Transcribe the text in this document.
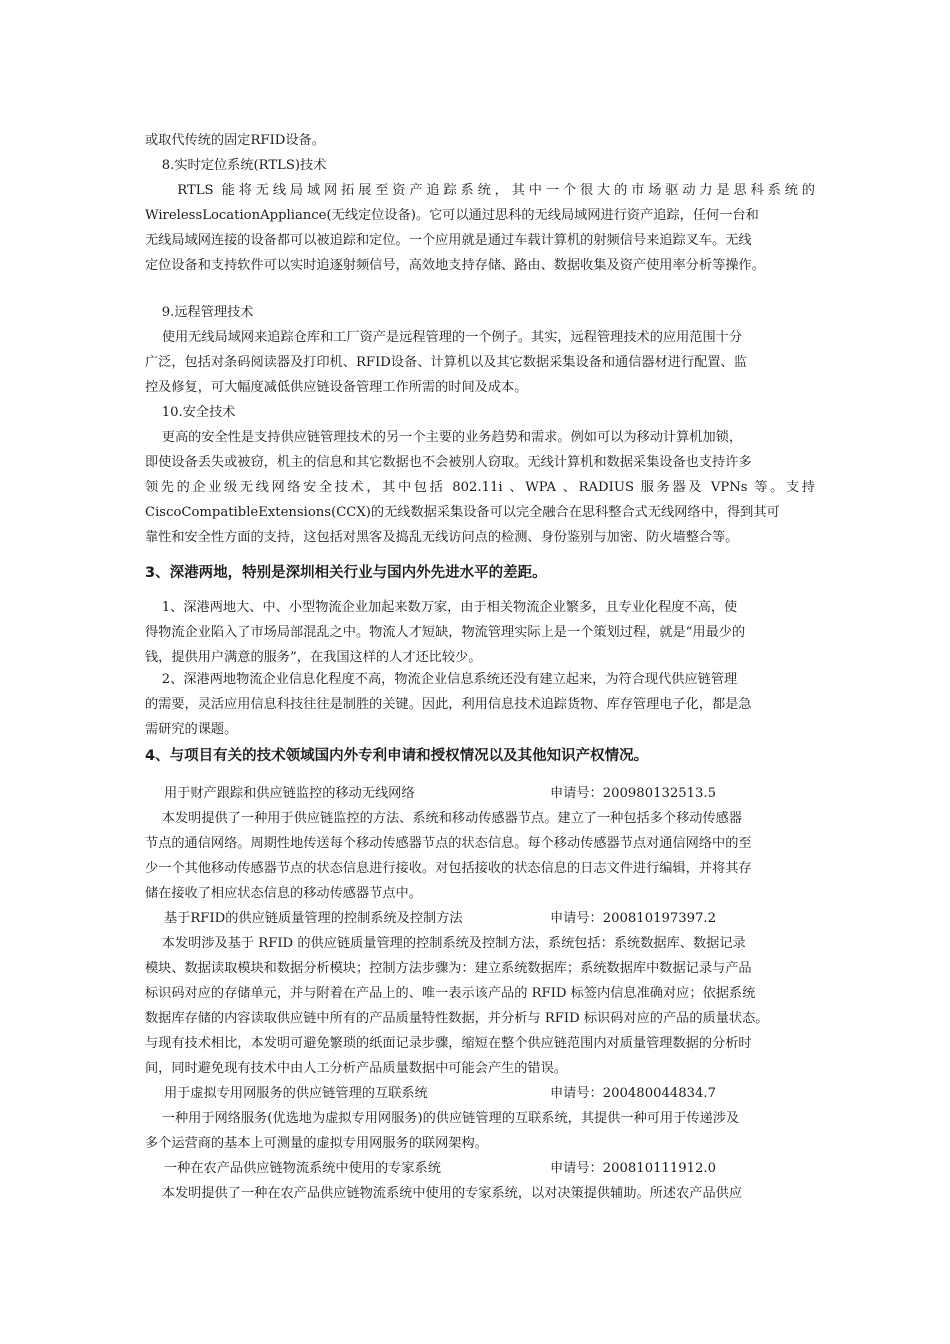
或取代传统的固定RFID设备。

8.实时定位系统(RTLS)技术

RTLS 能将无线局域网拓展至资产追踪系统，其中一个很大的市场驱动力是思科系统的
WirelessLocationAppliance(无线定位设备)。它可以通过思科的无线局域网进行资产追踪，任何一台和
无线局域网连接的设备都可以被追踪和定位。一个应用就是通过车载计算机的射频信号来追踪叉车。无线
定位设备和支持软件可以实时追逐射频信号，高效地支持存储、路由、数据收集及资产使用率分析等操作。

9.远程管理技术

使用无线局域网来追踪仓库和工厂资产是远程管理的一个例子。其实，远程管理技术的应用范围十分
广泛，包括对条码阅读器及打印机、RFID设备、计算机以及其它数据采集设备和通信器材进行配置、监
控及修复，可大幅度减低供应链设备管理工作所需的时间及成本。

10.安全技术

更高的安全性是支持供应链管理技术的另一个主要的业务趋势和需求。例如可以为移动计算机加锁，
即使设备丢失或被窃，机主的信息和其它数据也不会被别人窃取。无线计算机和数据采集设备也支持许多
领先的企业级无线网络安全技术，其中包括 802.11i 、WPA 、RADIUS 服务器及 VPNs 等。支持
CiscoCompatibleExtensions(CCX)的无线数据采集设备可以完全融合在思科整合式无线网络中，得到其可
靠性和安全性方面的支持，这包括对黑客及捣乱无线访问点的检测、身份鉴别与加密、防火墙整合等。

3、深港两地，特别是深圳相关行业与国内外先进水平的差距。

1、深港两地大、中、小型物流企业加起来数万家，由于相关物流企业繁多，且专业化程度不高，使
得物流企业陷入了市场局部混乱之中。物流人才短缺，物流管理实际上是一个策划过程，就是“用最少的
钱，提供用户满意的服务”，在我国这样的人才还比较少。

2、深港两地物流企业信息化程度不高，物流企业信息系统还没有建立起来，为符合现代供应链管理
的需要，灵活应用信息科技往往是制胜的关键。因此，利用信息技术追踪货物、库存管理电子化，都是急
需研究的课题。

4、与项目有关的技术领域国内外专利申请和授权情况以及其他知识产权情况。
用于财产跟踪和供应链监控的移动无线网络	申请号：200980132513.5

本发明提供了一种用于供应链监控的方法、系统和移动传感器节点。建立了一种包括多个移动传感器
节点的通信网络。周期性地传送每个移动传感器节点的状态信息。每个移动传感器节点对通信网络中的至
少一个其他移动传感器节点的状态信息进行接收。对包括接收的状态信息的日志文件进行编辑，并将其存
储在接收了相应状态信息的移动传感器节点中。

基于RFID的供应链质量管理的控制系统及控制方法	申请号：200810197397.2

本发明涉及基于 RFID 的供应链质量管理的控制系统及控制方法，系统包括：系统数据库、数据记录
模块、数据读取模块和数据分析模块；控制方法步骤为：建立系统数据库；系统数据库中数据记录与产品
标识码对应的存储单元，并与附着在产品上的、唯一表示该产品的 RFID 标签内信息准确对应；依据系统
数据库存储的内容读取供应链中所有的产品质量特性数据，并分析与 RFID 标识码对应的产品的质量状态。
与现有技术相比，本发明可避免繁琐的纸面记录步骤，缩短在整个供应链范围内对质量管理数据的分析时
间，同时避免现有技术中由人工分析产品质量数据中可能会产生的错误。

用于虚拟专用网服务的供应链管理的互联系统	申请号：200480044834.7

一种用于网络服务(优选地为虚拟专用网服务)的供应链管理的互联系统，其提供一种可用于传递涉及
多个运营商的基本上可测量的虚拟专用网服务的联网架构。

一种在农产品供应链物流系统中使用的专家系统	申请号：200810111912.0

本发明提供了一种在农产品供应链物流系统中使用的专家系统，以对决策提供辅助。所述农产品供应
